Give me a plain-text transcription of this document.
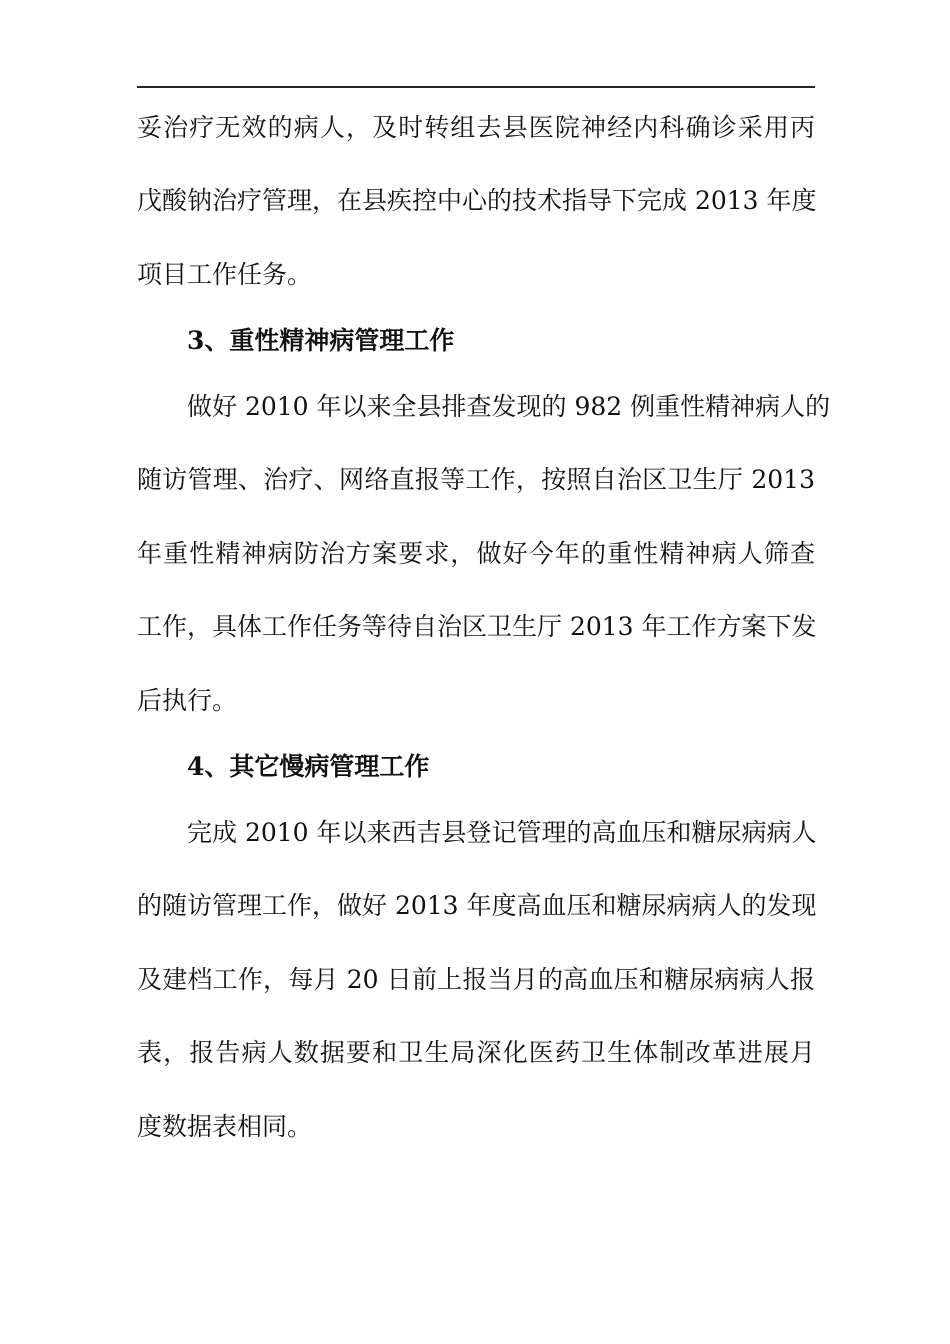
妥治疗无效的病人，及时转组去县医院神经内科确诊采用丙
戊酸钠治疗管理，在县疾控中心的技术指导下完成 2013 年度
项目工作任务。
3、重性精神病管理工作
做好 2010 年以来全县排查发现的 982 例重性精神病人的
随访管理、治疗、网络直报等工作，按照自治区卫生厅 2013
年重性精神病防治方案要求，做好今年的重性精神病人筛查
工作，具体工作任务等待自治区卫生厅 2013 年工作方案下发
后执行。
4、其它慢病管理工作
完成 2010 年以来西吉县登记管理的高血压和糖尿病病人
的随访管理工作，做好 2013 年度高血压和糖尿病病人的发现
及建档工作，每月 20 日前上报当月的高血压和糖尿病病人报
表，报告病人数据要和卫生局深化医药卫生体制改革进展月
度数据表相同。
